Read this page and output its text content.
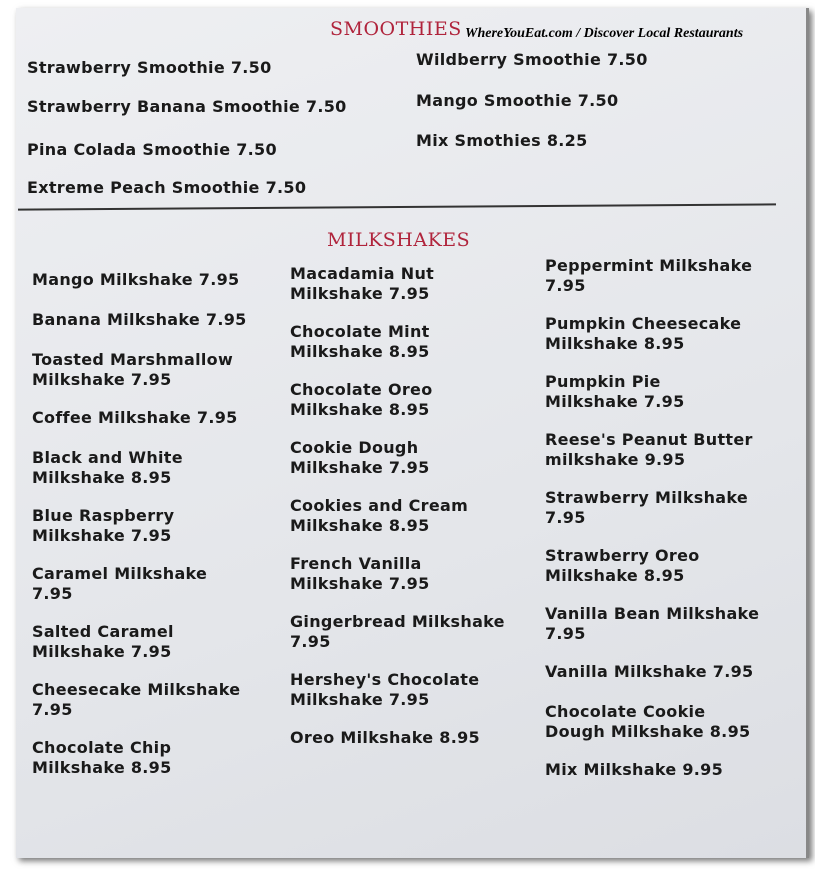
SMOOTHIES WhereYouEat.com / Discover Local Restaurants
Strawberry Smoothie 7.50
Strawberry Banana Smoothie 7.50
Pina Colada Smoothie 7.50
Extreme Peach Smoothie 7.50
Wildberry Smoothie 7.50
Mango Smoothie 7.50
Mix Smothies 8.25
MILKSHAKES
Mango Milkshake 7.95

Banana Milkshake 7.95

Toasted Marshmallow
Milkshake 7.95
Coffee Milkshake 7.95

Black and White
Milkshake 8.95
Blue Raspberry
Milkshake 7.95
Caramel Milkshake
7.95
Salted Caramel
Milkshake 7.95
Cheesecake Milkshake
7.95
Chocolate Chip
Milkshake 8.95
Macadamia Nut
Milkshake 7.95
Chocolate Mint
Milkshake 8.95
Chocolate Oreo
Milkshake 8.95
Cookie Dough
Milkshake 7.95
Cookies and Cream
Milkshake 8.95
French Vanilla
Milkshake 7.95
Gingerbread Milkshake
7.95
Hershey's Chocolate
Milkshake 7.95
Oreo Milkshake 8.95

Peppermint Milkshake
7.95
Pumpkin Cheesecake
Milkshake 8.95
Pumpkin Pie
Milkshake 7.95
Reese's Peanut Butter
milkshake 9.95
Strawberry Milkshake
7.95
Strawberry Oreo
Milkshake 8.95
Vanilla Bean Milkshake
7.95
Vanilla Milkshake 7.95

Chocolate Cookie
Dough Milkshake 8.95
Mix Milkshake 9.95
